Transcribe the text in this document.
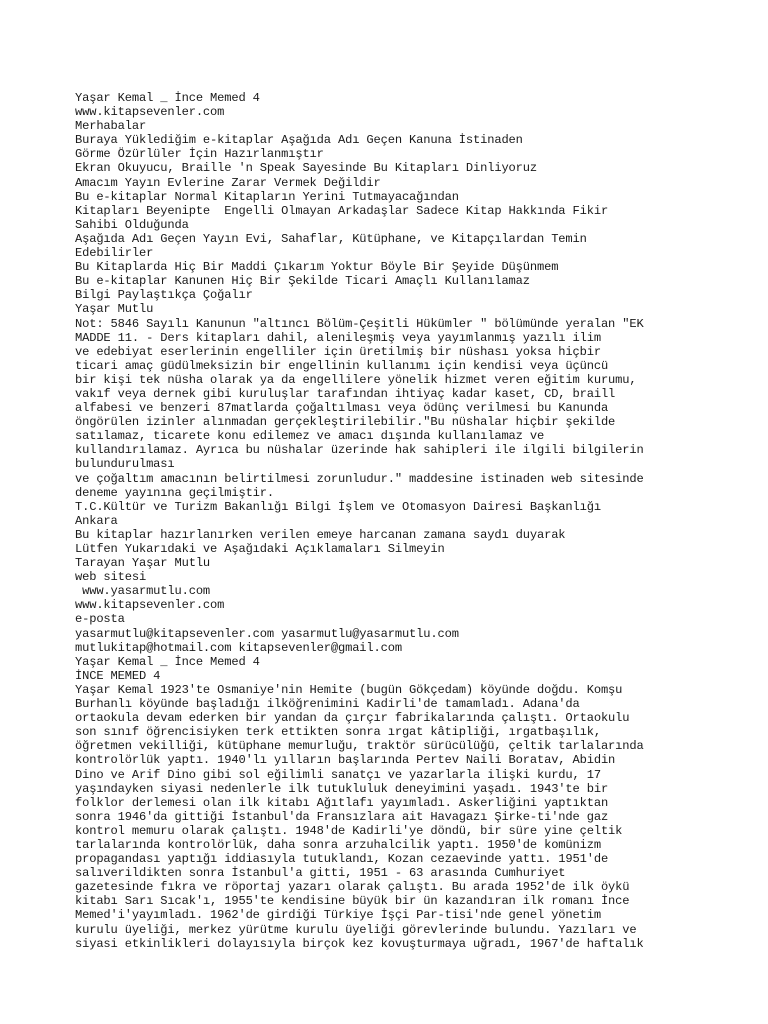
Yaşar Kemal _ İnce Memed 4
www.kitapsevenler.com
Merhabalar
Buraya Yüklediğim e-kitaplar Aşağıda Adı Geçen Kanuna İstinaden
Görme Özürlüler İçin Hazırlanmıştır
Ekran Okuyucu, Braille 'n Speak Sayesinde Bu Kitapları Dinliyoruz
Amacım Yayın Evlerine Zarar Vermek Değildir
Bu e-kitaplar Normal Kitapların Yerini Tutmayacağından
Kitapları Beyenipte  Engelli Olmayan Arkadaşlar Sadece Kitap Hakkında Fikir
Sahibi Olduğunda
Aşağıda Adı Geçen Yayın Evi, Sahaflar, Kütüphane, ve Kitapçılardan Temin
Edebilirler
Bu Kitaplarda Hiç Bir Maddi Çıkarım Yoktur Böyle Bir Şeyide Düşünmem
Bu e-kitaplar Kanunen Hiç Bir Şekilde Ticari Amaçlı Kullanılamaz
Bilgi Paylaştıkça Çoğalır
Yaşar Mutlu
Not: 5846 Sayılı Kanunun "altıncı Bölüm-Çeşitli Hükümler " bölümünde yeralan "EK
MADDE 11. - Ders kitapları dahil, alenileşmiş veya yayımlanmış yazılı ilim
ve edebiyat eserlerinin engelliler için üretilmiş bir nüshası yoksa hiçbir
ticari amaç güdülmeksizin bir engellinin kullanımı için kendisi veya üçüncü
bir kişi tek nüsha olarak ya da engellilere yönelik hizmet veren eğitim kurumu,
vakıf veya dernek gibi kuruluşlar tarafından ihtiyaç kadar kaset, CD, braill
alfabesi ve benzeri 87matlarda çoğaltılması veya ödünç verilmesi bu Kanunda
öngörülen izinler alınmadan gerçekleştirilebilir."Bu nüshalar hiçbir şekilde
satılamaz, ticarete konu edilemez ve amacı dışında kullanılamaz ve
kullandırılamaz. Ayrıca bu nüshalar üzerinde hak sahipleri ile ilgili bilgilerin
bulundurulması
ve çoğaltım amacının belirtilmesi zorunludur." maddesine istinaden web sitesinde
deneme yayınına geçilmiştir.
T.C.Kültür ve Turizm Bakanlığı Bilgi İşlem ve Otomasyon Dairesi Başkanlığı
Ankara
Bu kitaplar hazırlanırken verilen emeye harcanan zamana saydı duyarak
Lütfen Yukarıdaki ve Aşağıdaki Açıklamaları Silmeyin
Tarayan Yaşar Mutlu
web sitesi
www.yasarmutlu.com
www.kitapsevenler.com
e-posta
yasarmutlu@kitapsevenler.com yasarmutlu@yasarmutlu.com
mutlukitap@hotmail.com kitapsevenler@gmail.com
Yaşar Kemal _ İnce Memed 4
İNCE MEMED 4
Yaşar Kemal 1923'te Osmaniye'nin Hemite (bugün Gökçedam) köyünde doğdu. Komşu
Burhanlı köyünde başladığı ilköğrenimini Kadirli'de tamamladı. Adana'da
ortaokula devam ederken bir yandan da çırçır fabrikalarında çalıştı. Ortaokulu
son sınıf öğrencisiyken terk ettikten sonra ırgat kâtipliği, ırgatbaşılık,
öğretmen vekilliği, kütüphane memurluğu, traktör sürücülüğü, çeltik tarlalarında
kontrolörlük yaptı. 1940'lı yılların başlarında Pertev Naili Boratav, Abidin
Dino ve Arif Dino gibi sol eğilimli sanatçı ve yazarlarla ilişki kurdu, 17
yaşındayken siyasi nedenlerle ilk tutukluluk deneyimini yaşadı. 1943'te bir
folklor derlemesi olan ilk kitabı Ağıtlafı yayımladı. Askerliğini yaptıktan
sonra 1946'da gittiği İstanbul'da Fransızlara ait Havagazı Şirke-ti'nde gaz
kontrol memuru olarak çalıştı. 1948'de Kadirli'ye döndü, bir süre yine çeltik
tarlalarında kontrolörlük, daha sonra arzuhalcilik yaptı. 1950'de komünizm
propagandası yaptığı iddiasıyla tutuklandı, Kozan cezaevinde yattı. 1951'de
salıverildikten sonra İstanbul'a gitti, 1951 - 63 arasında Cumhuriyet
gazetesinde fıkra ve röportaj yazarı olarak çalıştı. Bu arada 1952'de ilk öykü
kitabı Sarı Sıcak'ı, 1955'te kendisine büyük bir ün kazandıran ilk romanı İnce
Memed'i'yayımladı. 1962'de girdiği Türkiye İşçi Par-tisi'nde genel yönetim
kurulu üyeliği, merkez yürütme kurulu üyeliği görevlerinde bulundu. Yazıları ve
siyasi etkinlikleri dolayısıyla birçok kez kovuşturmaya uğradı, 1967'de haftalık
